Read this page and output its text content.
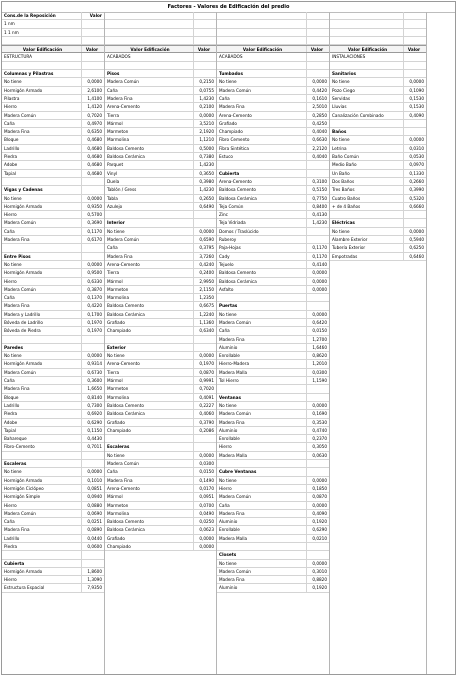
Factores - Valores de Edificación del predio
Cons.de la Reposición	Valor
1 nm
1 1 nm
Valor Edificación	Valor
ESTRUCTURA
Columnas y Pilastras
No tiene	0,0000
Hormigón Armado	2,6100
Pilastra	1,4100
Hierro	1,4120
Madera Común	0,7020
Caña	0,4970
Madera Fina	0,6350
Bloque	0,4680
Ladrillo	0,4680
Piedra	0,4680
Adobe	0,4680
Tapial	0,4680
Vigas y Cadenas
No tiene	0,0000
Hormigón Armado	0,9350
Hierro	0,5700
Madera Común	0,3690
Caña	0,1170
Madera Fina	0,6170
Entre Pisos
No tiene	0,0000
Hormigón Armado	0,9500
Hierro	0,6330
Madera Común	0,3870
Caña	0,1370
Madera Fina	0,4220
Madera y Ladrillo	0,1700
Bóveda de Ladrillo	0,1970
Bóveda de Piedra	0,1970
Paredes
No tiene	0,0000
Hormigón Armado	0,9314
Madera Común	0,6730
Caña	0,3600
Madera Fina	1,6650
Bloque	0,8140
Ladrillo	0,7300
Piedra	0,6920
Adobe	0,6290
Tapial	0,1150
Bahareque	0,4430
Fibro-Cemento	0,7011
Escaleras
No tiene	0,0000
Hormigón Armado	0,1010
Hormigón Ciclópeo	0,0851
Hormigón Simple	0,0940
Hierro	0,0880
Madera Común	0,0690
Caña	0,0251
Madera Fina	0,0890
Ladrillo	0,0440
Piedra	0,0600
Cubierta
Hormigón Armado	1,8600
Hierro	1,3090
Estructura Espacial	7,9350
Valor Edificación	Valor
ACABADOS
Pisos
Madera Común	0,2150
Caña	0,0755
Madera Fina	1,4230
Arena-Cemento	0,2100
Tierra	0,0000
Mármol	3,5210
Marmeton	2,1920
Marmolina	1,1210
Baldosa Cemento	0,5000
Baldosa Cerámica	0,7380
Parquet	1,4230
Vinyl	0,3650
Duela	0,3980
Tablón / Gress	1,4230
Tabla	0,2650
Azulejo	0,6490
Interior
No tiene	0,0000
Madera Común	0,6590
Caña	0,3795
Madera Fina	3,7260
Arena-Cemento	0,4240
Tierra	0,2400
Mármol	2,9950
Marmeton	2,1150
Marmolina	1,2350
Baldosa Cemento	0,6675
Baldosa Cerámica	1,2240
Grafiado	1,1360
Champiado	0,6340
Exterior
No tiene	0,0000
Arena-Cemento	0,1970
Tierra	0,0870
Mármol	0,9991
Marmeton	0,7020
Marmolina	0,4091
Baldosa Cemento	0,2227
Baldosa Cerámica	0,4060
Grafiado	0,3790
Champiado	0,2086
Escaleras
No tiene	0,0000
Madera Común	0,0300
Caña	0,0150
Madera Fina	0,1490
Arena-Cemento	0,0170
Mármol	0,0951
Marmeton	0,0700
Marmolina	0,0490
Baldosa Cemento	0,0250
Baldosa Cerámica	0,0623
Grafiado	0,0000
Champiado	0,0000
Valor Edificación	Valor
ACABADOS
Tumbados
No tiene	0,0000
Madera Común	0,4420
Caña	0,1610
Madera Fina	2,5010
Arena-Cemento	0,2850
Grafiado	0,4250
Champiado	0,4040
Fibro Cemento	0,6630
Fibra Sintética	2,2120
Estuco	0,4040
Cubierta
Arena-Cemento	0,3100
Baldosa Cemento	0,5150
Baldosa Cerámica	0,7750
Teja Común	0,8400
Zinc	0,4130
Teja Vidriada	1,4230
Domos / Traslúcido
Ruberoy
Paja-Hojas	0,1170
Cady	0,1170
Tejuelo	0,4140
Baldosa Cemento	0,0000
Baldosa Cerámica	0,0000
Asfalto	0,0000
Puertas
No tiene	0,0000
Madera Común	0,6420
Caña	0,0150
Madera Fina	1,2700
Aluminio	1,6460
Enrollable	0,8620
Hierro-Madera	1,2010
Madera Malla	0,0300
Tol Hierro	1,1590
Ventanas
No tiene	0,0000
Madera Común	0,1690
Madera Fina	0,3530
Aluminio	0,4740
Enrollable	0,2370
Hierro	0,3050
Madera Malla	0,0630
Cubre Ventanas
No tiene	0,0000
Hierro	0,1850
Madera Común	0,0870
Caña	0,0000
Madera Fina	0,4090
Aluminio	0,1920
Enrollable	0,6290
Madera Malla	0,0210
Closets
No tiene	0,0000
Madera Común	0,3010
Madera Fina	0,8820
Aluminio	0,1920
Valor Edificación	Valor
INSTALACIONES
Sanitarios
No tiene	0,0000
Pozo Ciego	0,1090
Servidas	0,1530
Lluvias	0,1530
Canalización Combinado	0,4090
Baños
No tiene	0,0000
Letrina	0,0310
Baño Común	0,0530
Medio Baño	0,0970
Un Baño	0,1330
Dos Baños	0,2660
Tres Baños	0,3990
Cuatro Baños	0,5320
+ de 4 Baños	0,6660
Eléctricas
No tiene	0,0000
Alambre Exterior	0,5940
Tubería Exterior	0,6250
Empotradas	0,6460
